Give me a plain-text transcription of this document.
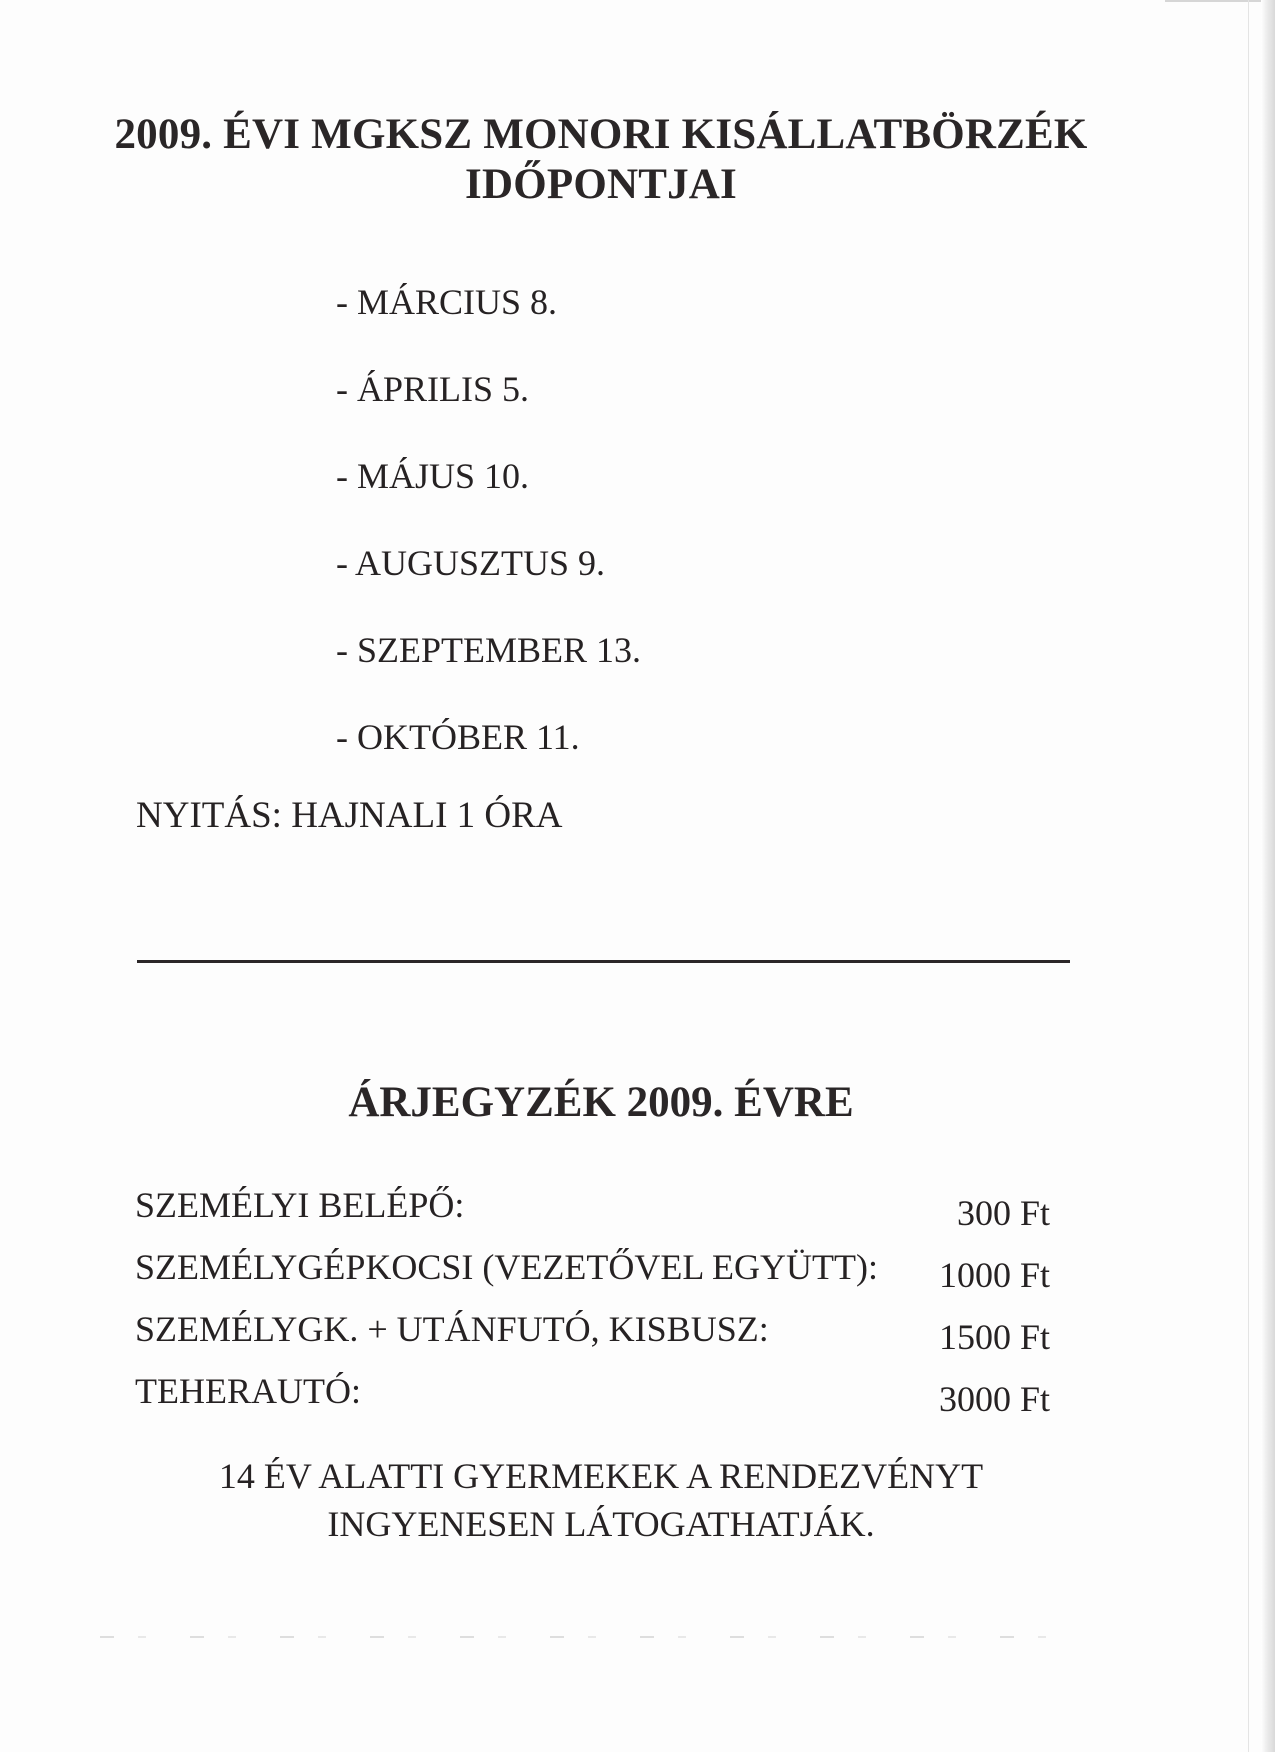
2009. ÉVI MGKSZ MONORI KISÁLLATBÖRZÉK
IDŐPONTJAI
- MÁRCIUS 8.
- ÁPRILIS 5.
- MÁJUS 10.
- AUGUSZTUS 9.
- SZEPTEMBER 13.
- OKTÓBER 11.
NYITÁS: HAJNALI 1 ÓRA
ÁRJEGYZÉK 2009. ÉVRE
SZEMÉLYI BELÉPŐ:	300 Ft
SZEMÉLYGÉPKOCSI (VEZETŐVEL EGYÜTT): 1000 Ft
SZEMÉLYGK. + UTÁNFUTÓ, KISBUSZ:	1500 Ft
TEHERAUTÓ:	3000 Ft
14 ÉV ALATTI GYERMEKEK A RENDEZVÉNYT
INGYENESEN LÁTOGATHATJÁK.
